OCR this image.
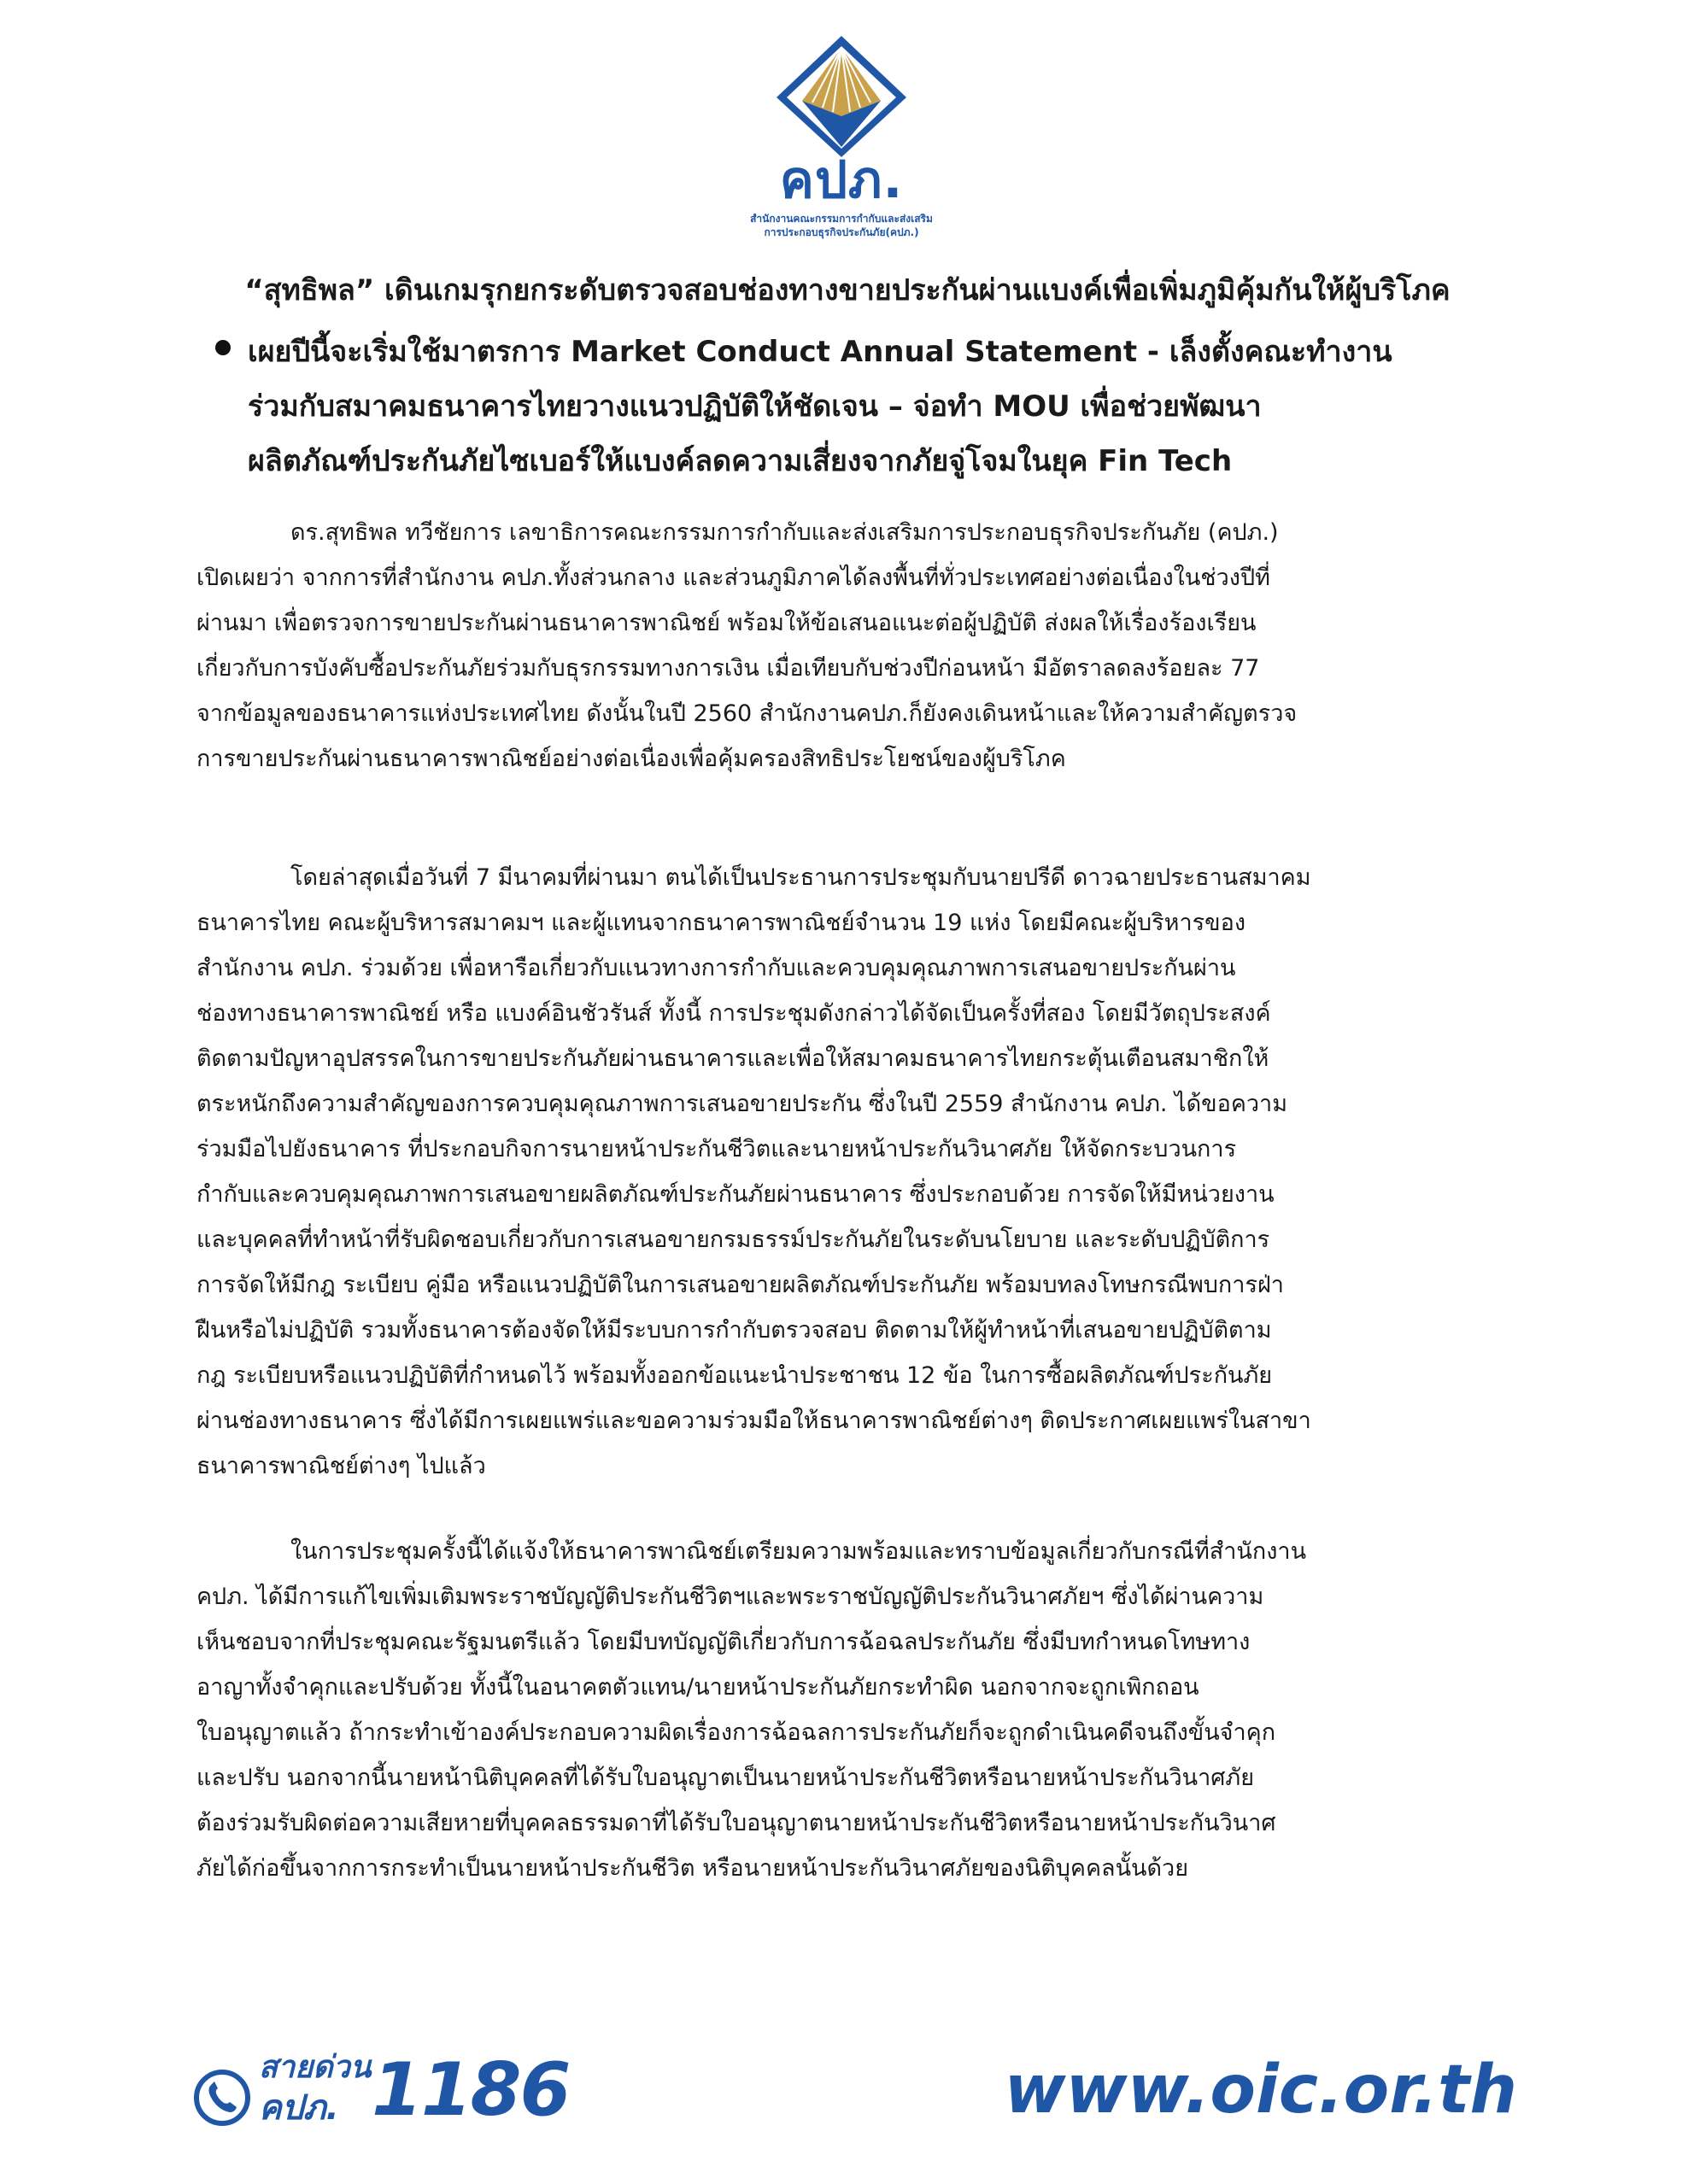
คปภ.
สำนักงานคณะกรรมการกำกับและส่งเสริม
การประกอบธุรกิจประกันภัย(คปภ.)
“สุทธิพล” เดินเกมรุกยกระดับตรวจสอบช่องทางขายประกันผ่านแบงค์เพื่อเพิ่มภูมิคุ้มกันให้ผู้บริโภค
เผยปีนี้จะเริ่มใช้มาตรการ Market Conduct Annual Statement - เล็งตั้งคณะทำงาน
ร่วมกับสมาคมธนาคารไทยวางแนวปฏิบัติให้ชัดเจน – จ่อทำ MOU เพื่อช่วยพัฒนา
ผลิตภัณฑ์ประกันภัยไซเบอร์ให้แบงค์ลดความเสี่ยงจากภัยจู่โจมในยุค Fin Tech
ดร.สุทธิพล ทวีชัยการ เลขาธิการคณะกรรมการกำกับและส่งเสริมการประกอบธุรกิจประกันภัย (คปภ.)
เปิดเผยว่า จากการที่สำนักงาน คปภ.ทั้งส่วนกลาง และส่วนภูมิภาคได้ลงพื้นที่ทั่วประเทศอย่างต่อเนื่องในช่วงปีที่
ผ่านมา เพื่อตรวจการขายประกันผ่านธนาคารพาณิชย์ พร้อมให้ข้อเสนอแนะต่อผู้ปฏิบัติ ส่งผลให้เรื่องร้องเรียน
เกี่ยวกับการบังคับซื้อประกันภัยร่วมกับธุรกรรมทางการเงิน เมื่อเทียบกับช่วงปีก่อนหน้า มีอัตราลดลงร้อยละ 77
จากข้อมูลของธนาคารแห่งประเทศไทย ดังนั้นในปี 2560 สำนักงานคปภ.ก็ยังคงเดินหน้าและให้ความสำคัญตรวจ
การขายประกันผ่านธนาคารพาณิชย์อย่างต่อเนื่องเพื่อคุ้มครองสิทธิประโยชน์ของผู้บริโภค
โดยล่าสุดเมื่อวันที่ 7 มีนาคมที่ผ่านมา ตนได้เป็นประธานการประชุมกับนายปรีดี ดาวฉายประธานสมาคม
ธนาคารไทย คณะผู้บริหารสมาคมฯ และผู้แทนจากธนาคารพาณิชย์จำนวน 19 แห่ง โดยมีคณะผู้บริหารของ
สำนักงาน คปภ. ร่วมด้วย เพื่อหารือเกี่ยวกับแนวทางการกำกับและควบคุมคุณภาพการเสนอขายประกันผ่าน
ช่องทางธนาคารพาณิชย์ หรือ แบงค์อินชัวรันส์ ทั้งนี้ การประชุมดังกล่าวได้จัดเป็นครั้งที่สอง โดยมีวัตถุประสงค์
ติดตามปัญหาอุปสรรคในการขายประกันภัยผ่านธนาคารและเพื่อให้สมาคมธนาคารไทยกระตุ้นเตือนสมาชิกให้
ตระหนักถึงความสำคัญของการควบคุมคุณภาพการเสนอขายประกัน ซึ่งในปี 2559 สำนักงาน คปภ. ได้ขอความ
ร่วมมือไปยังธนาคาร ที่ประกอบกิจการนายหน้าประกันชีวิตและนายหน้าประกันวินาศภัย ให้จัดกระบวนการ
กำกับและควบคุมคุณภาพการเสนอขายผลิตภัณฑ์ประกันภัยผ่านธนาคาร ซึ่งประกอบด้วย การจัดให้มีหน่วยงาน
และบุคคลที่ทำหน้าที่รับผิดชอบเกี่ยวกับการเสนอขายกรมธรรม์ประกันภัยในระดับนโยบาย และระดับปฏิบัติการ
การจัดให้มีกฎ ระเบียบ คู่มือ หรือแนวปฏิบัติในการเสนอขายผลิตภัณฑ์ประกันภัย พร้อมบทลงโทษกรณีพบการฝ่า
ฝืนหรือไม่ปฏิบัติ รวมทั้งธนาคารต้องจัดให้มีระบบการกำกับตรวจสอบ ติดตามให้ผู้ทำหน้าที่เสนอขายปฏิบัติตาม
กฎ ระเบียบหรือแนวปฏิบัติที่กำหนดไว้ พร้อมทั้งออกข้อแนะนำประชาชน 12 ข้อ ในการซื้อผลิตภัณฑ์ประกันภัย
ผ่านช่องทางธนาคาร ซึ่งได้มีการเผยแพร่และขอความร่วมมือให้ธนาคารพาณิชย์ต่างๆ ติดประกาศเผยแพร่ในสาขา
ธนาคารพาณิชย์ต่างๆ ไปแล้ว
ในการประชุมครั้งนี้ได้แจ้งให้ธนาคารพาณิชย์เตรียมความพร้อมและทราบข้อมูลเกี่ยวกับกรณีที่สำนักงาน
คปภ. ได้มีการแก้ไขเพิ่มเติมพระราชบัญญัติประกันชีวิตฯและพระราชบัญญัติประกันวินาศภัยฯ ซึ่งได้ผ่านความ
เห็นชอบจากที่ประชุมคณะรัฐมนตรีแล้ว โดยมีบทบัญญัติเกี่ยวกับการฉ้อฉลประกันภัย ซึ่งมีบทกำหนดโทษทาง
อาญาทั้งจำคุกและปรับด้วย ทั้งนี้ในอนาคตตัวแทน/นายหน้าประกันภัยกระทำผิด นอกจากจะถูกเพิกถอน
ใบอนุญาตแล้ว ถ้ากระทำเข้าองค์ประกอบความผิดเรื่องการฉ้อฉลการประกันภัยก็จะถูกดำเนินคดีจนถึงขั้นจำคุก
และปรับ นอกจากนี้นายหน้านิติบุคคลที่ได้รับใบอนุญาตเป็นนายหน้าประกันชีวิตหรือนายหน้าประกันวินาศภัย
ต้องร่วมรับผิดต่อความเสียหายที่บุคคลธรรมดาที่ได้รับใบอนุญาตนายหน้าประกันชีวิตหรือนายหน้าประกันวินาศ
ภัยได้ก่อขึ้นจากการกระทำเป็นนายหน้าประกันชีวิต หรือนายหน้าประกันวินาศภัยของนิติบุคคลนั้นด้วย
สายด่วน
คปภ. 1186	www.oic.or.th
